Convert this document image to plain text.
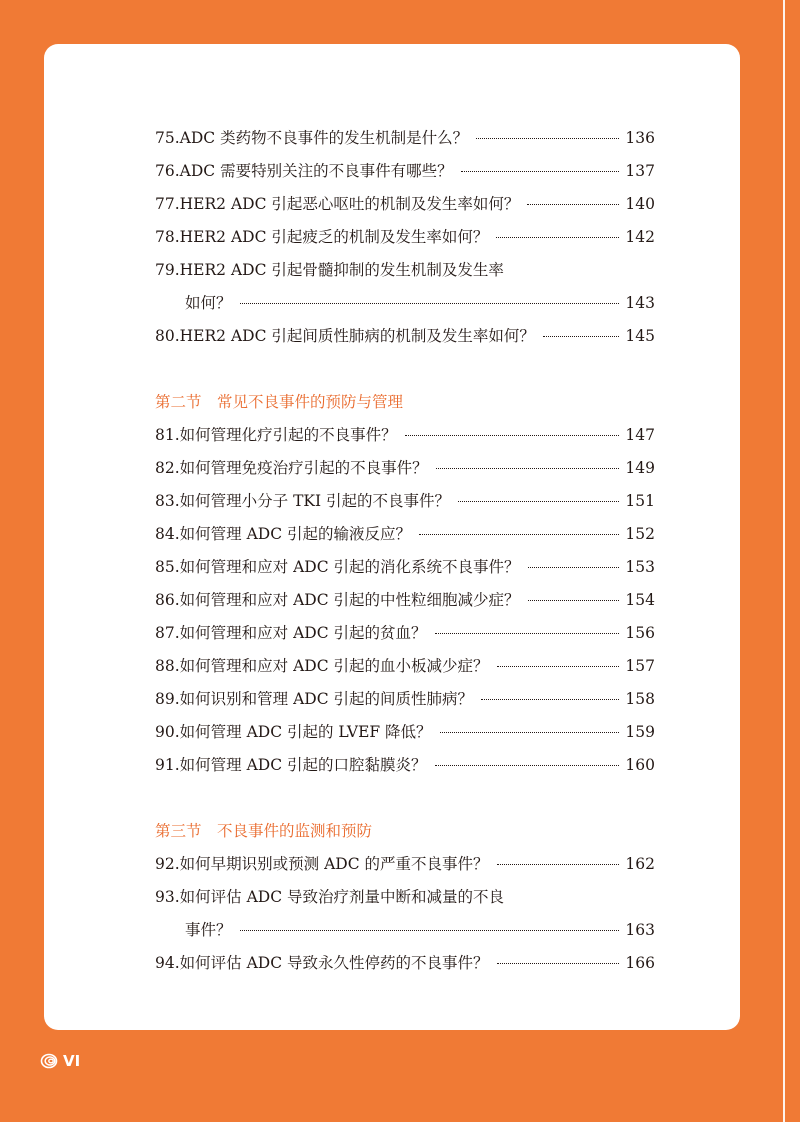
75. ADC 类药物不良事件的发生机制是什么？	136
76. ADC 需要特别关注的不良事件有哪些？	137
77. HER2 ADC 引起恶心呕吐的机制及发生率如何？	140
78. HER2 ADC 引起疲乏的机制及发生率如何？	142
79. HER2 ADC 引起骨髓抑制的发生机制及发生率
如何？	143
80. HER2 ADC 引起间质性肺病的机制及发生率如何？	145
第二节　常见不良事件的预防与管理
81. 如何管理化疗引起的不良事件？	147
82. 如何管理免疫治疗引起的不良事件？	149
83. 如何管理小分子 TKI 引起的不良事件？	151
84. 如何管理 ADC 引起的输液反应？	152
85. 如何管理和应对 ADC 引起的消化系统不良事件？	153
86. 如何管理和应对 ADC 引起的中性粒细胞减少症？	154
87. 如何管理和应对 ADC 引起的贫血？	156
88. 如何管理和应对 ADC 引起的血小板减少症？	157
89. 如何识别和管理 ADC 引起的间质性肺病？	158
90. 如何管理 ADC 引起的 LVEF 降低？	159
91. 如何管理 ADC 引起的口腔黏膜炎？	160
第三节　不良事件的监测和预防
92. 如何早期识别或预测 ADC 的严重不良事件？	162
93. 如何评估 ADC 导致治疗剂量中断和减量的不良
事件？	163
94. 如何评估 ADC 导致永久性停药的不良事件？	166
VI
